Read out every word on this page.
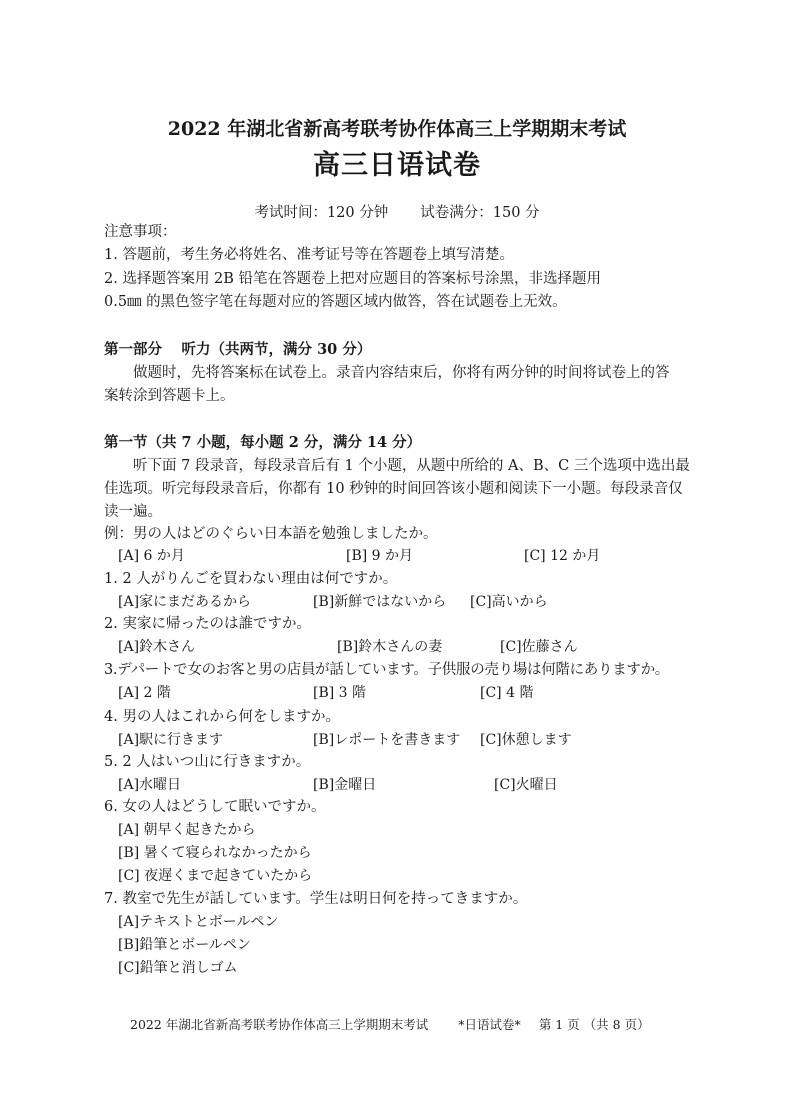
2022 年湖北省新高考联考协作体高三上学期期末考试
高三日语试卷
考试时间：120 分钟 试卷满分：150 分
注意事项：
1. 答题前，考生务必将姓名、准考证号等在答题卷上填写清楚。
2. 选择题答案用 2B 铅笔在答题卷上把对应题目的答案标号涂黑，非选择题用
0.5㎜ 的黑色签字笔在每题对应的答题区域内做答，答在试题卷上无效。
第一部分　 听力（共两节，满分 30 分）
做题时，先将答案标在试卷上。录音内容结束后，你将有两分钟的时间将试卷上的答
案转涂到答题卡上。
第一节（共 7 小题，每小题 2 分，满分 14 分）
听下面 7 段录音，每段录音后有 1 个小题，从题中所给的 A、B、C 三个选项中选出最
佳选项。听完每段录音后，你都有 10 秒钟的时间回答该小题和阅读下一小题。每段录音仅
读一遍。
例：男の人はどのぐらい日本語を勉強しましたか。
[A] 6 か月	[B] 9 か月	[C] 12 か月
1. 2 人がりんごを買わない理由は何ですか。
[A]家にまだあるから	[B]新鮮ではないから [C]高いから
2. 実家に帰ったのは誰ですか。
[A]鈴木さん	[B]鈴木さんの妻	[C]佐藤さん
3.デパートで女のお客と男の店員が話しています。子供服の売り場は何階にありますか。
[A] 2 階	[B] 3 階	[C] 4 階
4. 男の人はこれから何をしますか。
[A]駅に行きます	[B]レポートを書きます [C]休憩します
5. 2 人はいつ山に行きますか。
[A]水曜日	[B]金曜日	[C]火曜日
6. 女の人はどうして眠いですか。
[A] 朝早く起きたから
[B] 暑くて寝られなかったから
[C] 夜遅くまで起きていたから
7. 教室で先生が話しています。学生は明日何を持ってきますか。
[A]テキストとボールペン
[B]鉛筆とボールペン
[C]鉛筆と消しゴム
2022 年湖北省新高考联考协作体高三上学期期末考试 *日语试卷* 第 1 页 （共 8 页）
